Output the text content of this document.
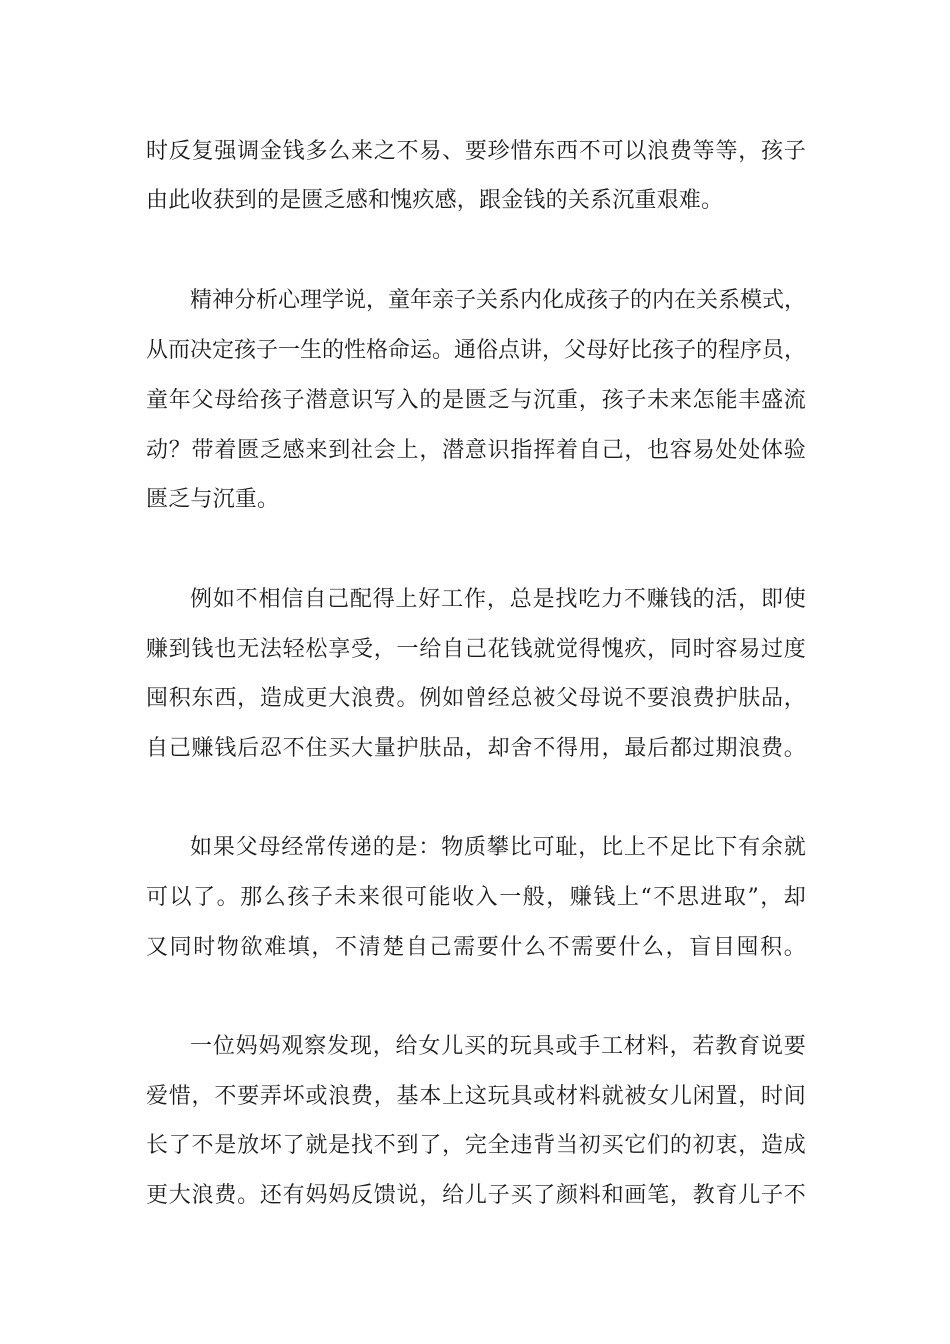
时反复强调金钱多么来之不易、要珍惜东西不可以浪费等等，孩子
由此收获到的是匮乏感和愧疚感，跟金钱的关系沉重艰难。
精神分析心理学说，童年亲子关系内化成孩子的内在关系模式，
从而决定孩子一生的性格命运。通俗点讲，父母好比孩子的程序员，
童年父母给孩子潜意识写入的是匮乏与沉重，孩子未来怎能丰盛流
动？带着匮乏感来到社会上，潜意识指挥着自己，也容易处处体验
匮乏与沉重。
例如不相信自己配得上好工作，总是找吃力不赚钱的活，即使
赚到钱也无法轻松享受，一给自己花钱就觉得愧疚，同时容易过度
囤积东西，造成更大浪费。例如曾经总被父母说不要浪费护肤品，
自己赚钱后忍不住买大量护肤品，却舍不得用，最后都过期浪费。
如果父母经常传递的是：物质攀比可耻，比上不足比下有余就
可以了。那么孩子未来很可能收入一般，赚钱上“不思进取”，却
又同时物欲难填，不清楚自己需要什么不需要什么，盲目囤积。
一位妈妈观察发现，给女儿买的玩具或手工材料，若教育说要
爱惜，不要弄坏或浪费，基本上这玩具或材料就被女儿闲置，时间
长了不是放坏了就是找不到了，完全违背当初买它们的初衷，造成
更大浪费。还有妈妈反馈说，给儿子买了颜料和画笔，教育儿子不
